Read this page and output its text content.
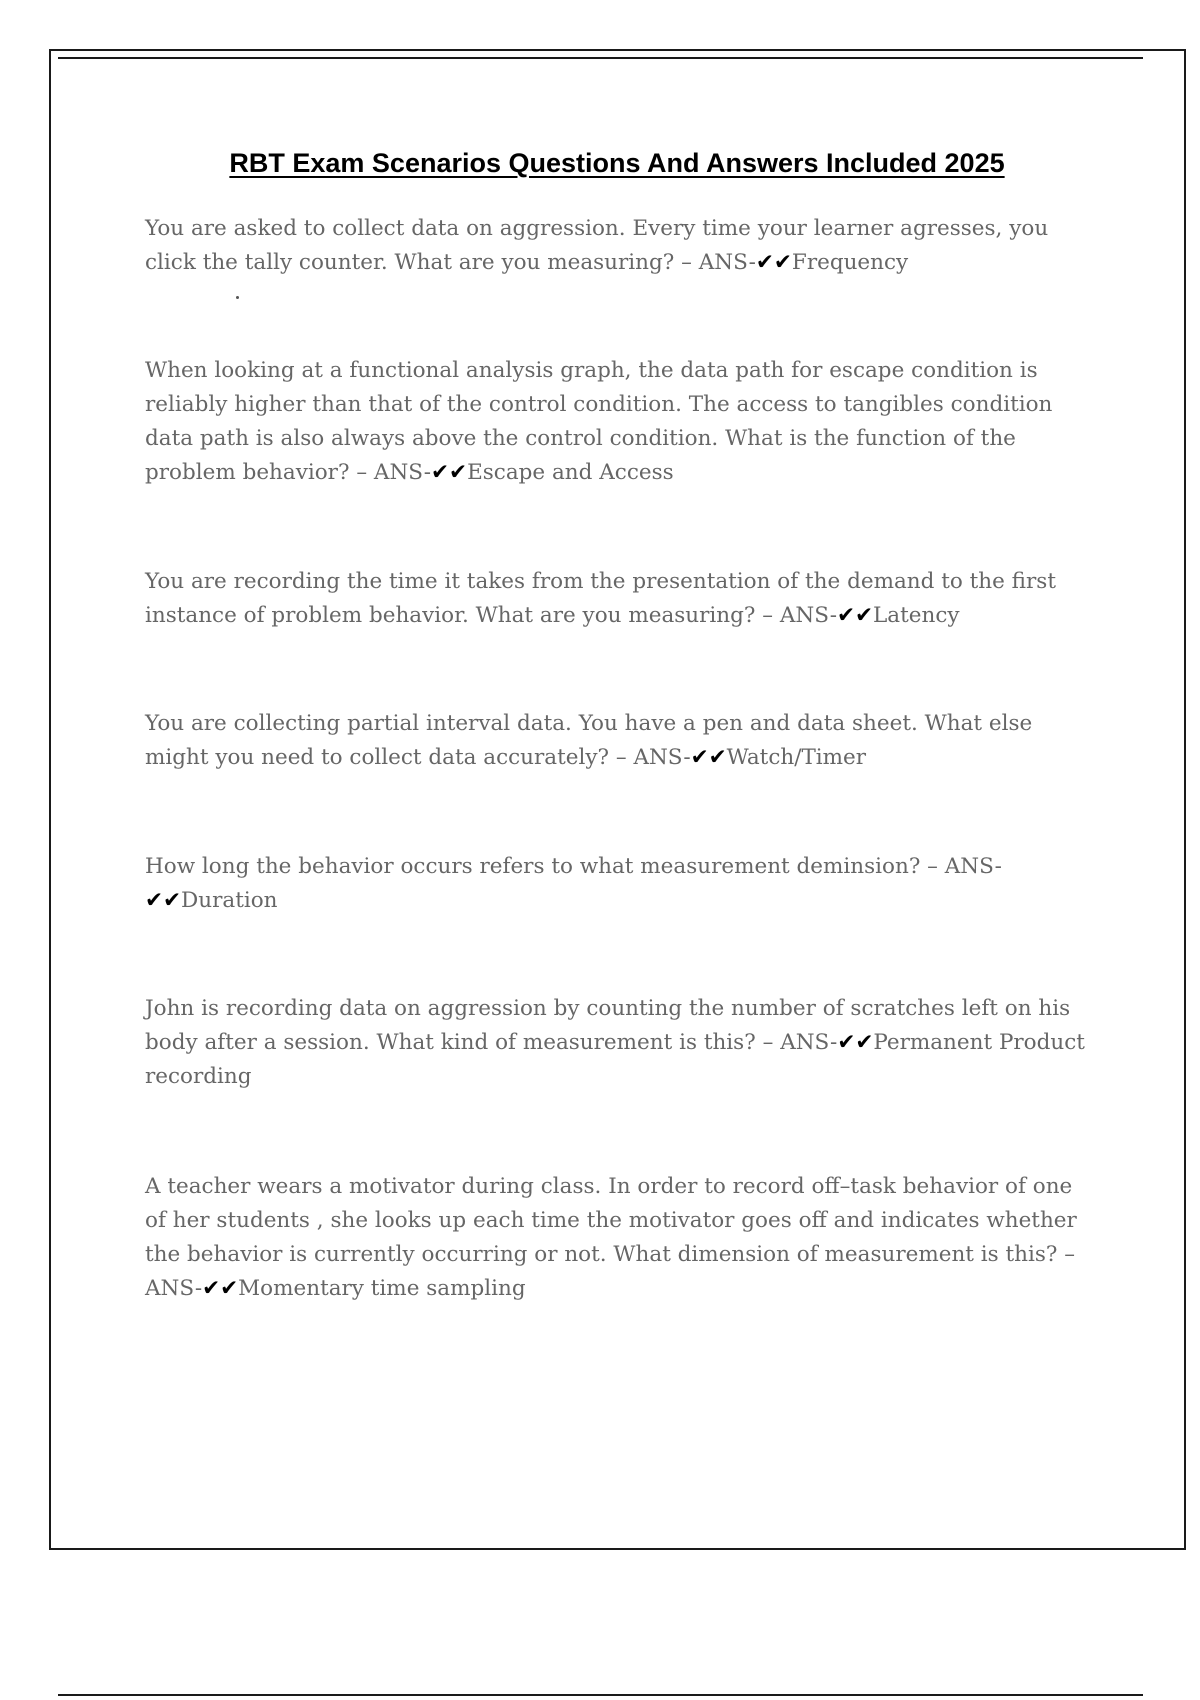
RBT Exam Scenarios Questions And Answers Included 2025
You are asked to collect data on aggression. Every time your learner agresses, you click the tally counter. What are you measuring? – ANS-✔✔Frequency
When looking at a functional analysis graph, the data path for escape condition is reliably higher than that of the control condition. The access to tangibles condition data path is also always above the control condition. What is the function of the problem behavior? – ANS-✔✔Escape and Access
You are recording the time it takes from the presentation of the demand to the first instance of problem behavior. What are you measuring? – ANS-✔✔Latency
You are collecting partial interval data. You have a pen and data sheet. What else might you need to collect data accurately? – ANS-✔✔Watch/Timer
How long the behavior occurs refers to what measurement deminsion? – ANS-✔✔Duration
John is recording data on aggression by counting the number of scratches left on his body after a session. What kind of measurement is this? – ANS-✔✔Permanent Product recording
A teacher wears a motivator during class. In order to record off–task behavior of one of her students , she looks up each time the motivator goes off and indicates whether the behavior is currently occurring or not. What dimension of measurement is this? – ANS-✔✔Momentary time sampling
